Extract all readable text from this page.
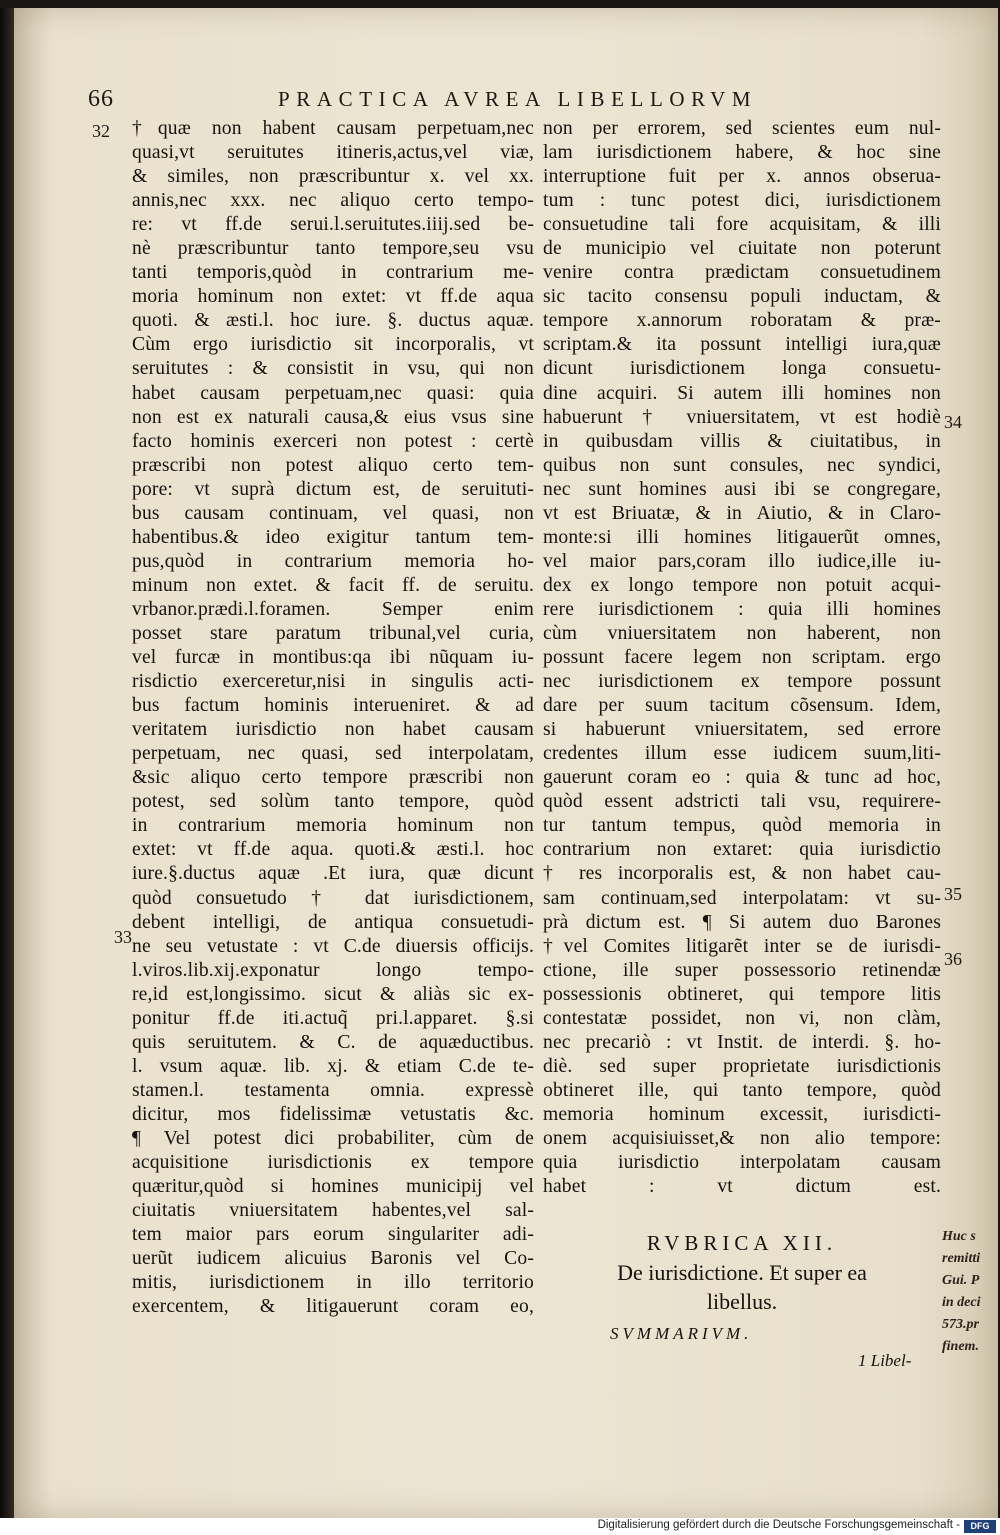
66	PRACTICA AVREA LIBELLORVM
†quæ non habent causam perpetuam,nec
quasi,vt seruitutes itineris,actus,vel viæ,
& similes, non præscribuntur x. vel xx.
annis,nec xxx. nec aliquo certo tempo-
re: vt ff.de serui.l.seruitutes.iiij.sed be-
nè præscribuntur tanto tempore,seu vsu
tanti temporis,quòd in contrarium me-
moria hominum non extet: vt ff.de aqua
quoti. & æsti.l. hoc iure. §. ductus aquæ.
Cùm ergo iurisdictio sit incorporalis, vt
seruitutes : & consistit in vsu, qui non
habet causam perpetuam,nec quasi: quia
non est ex naturali causa,& eius vsus sine
facto hominis exerceri non potest : certè
præscribi non potest aliquo certo tem-
pore: vt suprà dictum est, de seruituti-
bus causam continuam, vel quasi, non
habentibus.& ideo exigitur tantum tem-
pus,quòd in contrarium memoria ho-
minum non extet. & facit ff. de seruitu.
vrbanor.prædi.l.foramen. Semper enim
posset stare paratum tribunal,vel curia,
vel furcæ in montibus:qa ibi nũquam iu-
risdictio exerceretur,nisi in singulis acti-
bus factum hominis interueniret. & ad
veritatem iurisdictio non habet causam
perpetuam, nec quasi, sed interpolatam,
&sic aliquo certo tempore præscribi non
potest, sed solùm tanto tempore, quòd
in contrarium memoria hominum non
extet: vt ff.de aqua. quoti.& æsti.l. hoc
iure.§.ductus aquæ .Et iura, quæ dicunt
quòd consuetudo † dat iurisdictionem,
debent intelligi, de antiqua consuetudi-
ne seu vetustate : vt C.de diuersis officijs.
l.viros.lib.xij.exponatur longo tempo-
re,id est,longissimo. sicut & aliàs sic ex-
ponitur ff.de iti.actuq̃ pri.l.apparet. §.si
quis seruitutem. & C. de aquæductibus.
l. vsum aquæ. lib. xj. & etiam C.de te-
stamen.l. testamenta omnia. expressè
dicitur, mos fidelissimæ vetustatis &c.
¶ Vel potest dici probabiliter, cùm de
acquisitione iurisdictionis ex tempore
quæritur,quòd si homines municipij vel
ciuitatis vniuersitatem habentes,vel sal-
tem maior pars eorum singulariter adi-
uerũt iudicem alicuius Baronis vel Co-
mitis, iurisdictionem in illo territorio
exercentem, & litigauerunt coram eo,
non per errorem, sed scientes eum nul-
lam iurisdictionem habere, & hoc sine
interruptione fuit per x. annos obserua-
tum : tunc potest dici, iurisdictionem
consuetudine tali fore acquisitam, & illi
de municipio vel ciuitate non poterunt
venire contra prædictam consuetudinem
sic tacito consensu populi inductam, &
tempore x.annorum roboratam & præ-
scriptam.& ita possunt intelligi iura,quæ
dicunt iurisdictionem longa consuetu-
dine acquiri. Si autem illi homines non
habuerunt † vniuersitatem, vt est hodiè
in quibusdam villis & ciuitatibus, in
quibus non sunt consules, nec syndici,
nec sunt homines ausi ibi se congregare,
vt est Briuatæ, & in Aiutio, & in Claro-
monte:si illi homines litigauerũt omnes,
vel maior pars,coram illo iudice,ille iu-
dex ex longo tempore non potuit acqui-
rere iurisdictionem : quia illi homines
cùm vniuersitatem non haberent, non
possunt facere legem non scriptam. ergo
nec iurisdictionem ex tempore possunt
dare per suum tacitum cõsensum. Idem,
si habuerunt vniuersitatem, sed errore
credentes illum esse iudicem suum,liti-
gauerunt coram eo : quia & tunc ad hoc,
quòd essent adstricti tali vsu, requirere-
tur tantum tempus, quòd memoria in
contrarium non extaret: quia iurisdictio
† res incorporalis est, & non habet cau-
sam continuam,sed interpolatam: vt su-
prà dictum est. ¶ Si autem duo Barones
†vel Comites litigarẽt inter se de iurisdi-
ctione, ille super possessorio retinendæ
possessionis obtineret, qui tempore litis
contestatæ possidet, non vi, non clàm,
nec precariò : vt Instit. de interdi. §. ho-
diè. sed super proprietate iurisdictionis
obtineret ille, qui tanto tempore, quòd
memoria hominum excessit, iurisdicti-
onem acquisiuisset,& non alio tempore:
quia iurisdictio interpolatam causam
habet : vt dictum est.
32
33
34
35
36
RVBRICA XII.
De iurisdictione. Et super ea
libellus.
SVMMARIVM.
1 Libel-
Huc s
remitti
Gui. P
in deci
573.pr
finem.
Digitalisierung gefördert durch die Deutsche Forschungsgemeinschaft -	DFG
